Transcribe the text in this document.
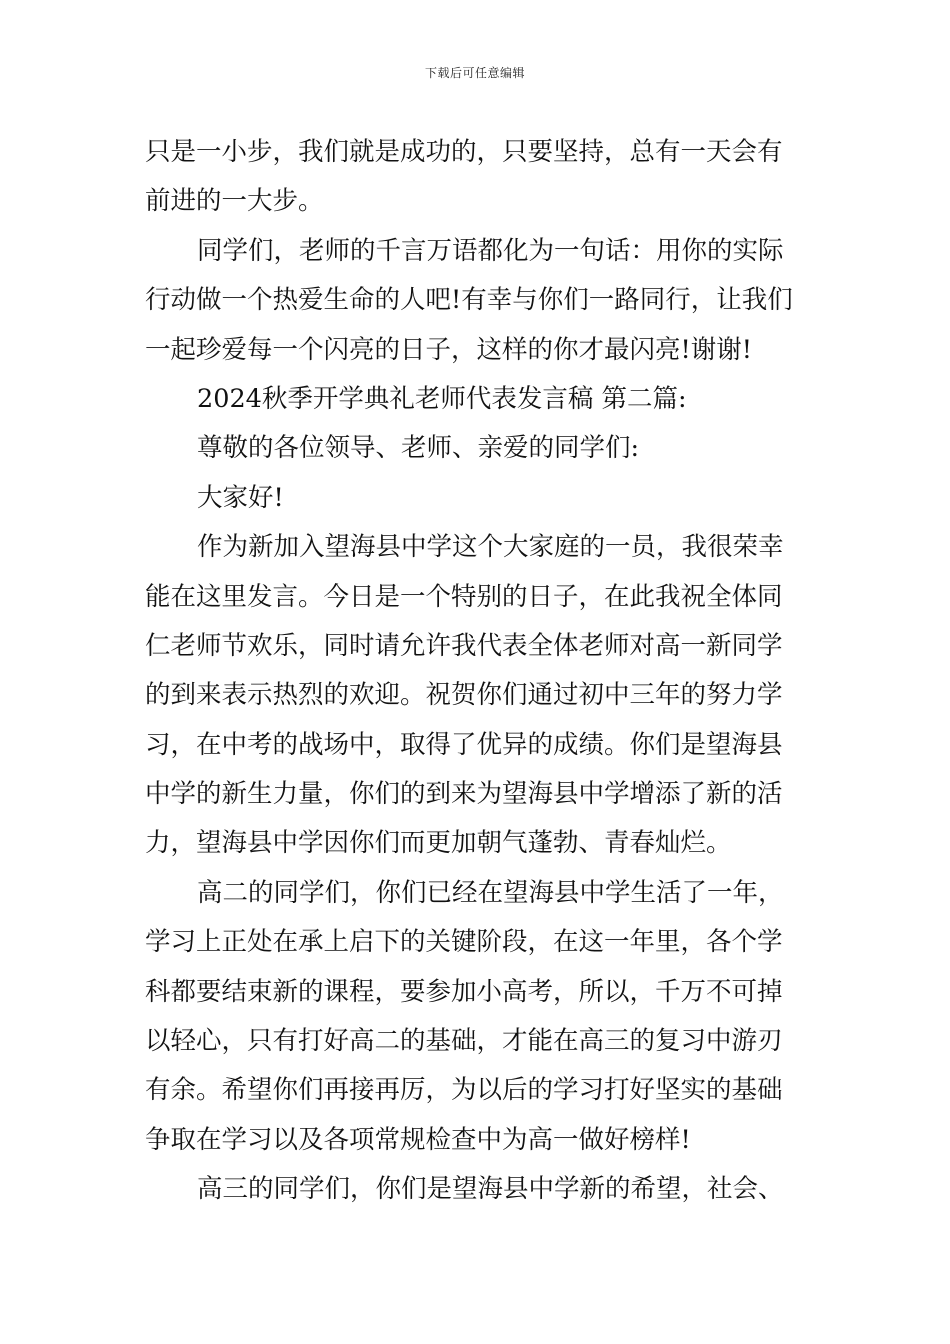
下载后可任意编辑
只是一小步，我们就是成功的，只要坚持，总有一天会有
前进的一大步。
同学们，老师的千言万语都化为一句话：用你的实际
行动做一个热爱生命的人吧!有幸与你们一路同行，让我们
一起珍爱每一个闪亮的日子，这样的你才最闪亮!谢谢!
2024秋季开学典礼老师代表发言稿 第二篇:
尊敬的各位领导、老师、亲爱的同学们:
大家好!
作为新加入望海县中学这个大家庭的一员，我很荣幸
能在这里发言。今日是一个特别的日子，在此我祝全体同
仁老师节欢乐，同时请允许我代表全体老师对高一新同学
的到来表示热烈的欢迎。祝贺你们通过初中三年的努力学
习，在中考的战场中，取得了优异的成绩。你们是望海县
中学的新生力量，你们的到来为望海县中学增添了新的活
力，望海县中学因你们而更加朝气蓬勃、青春灿烂。
高二的同学们，你们已经在望海县中学生活了一年，
学习上正处在承上启下的关键阶段，在这一年里，各个学
科都要结束新的课程，要参加小高考，所以，千万不可掉
以轻心，只有打好高二的基础，才能在高三的复习中游刃
有余。希望你们再接再厉，为以后的学习打好坚实的基础
争取在学习以及各项常规检查中为高一做好榜样!
高三的同学们，你们是望海县中学新的希望，社会、
